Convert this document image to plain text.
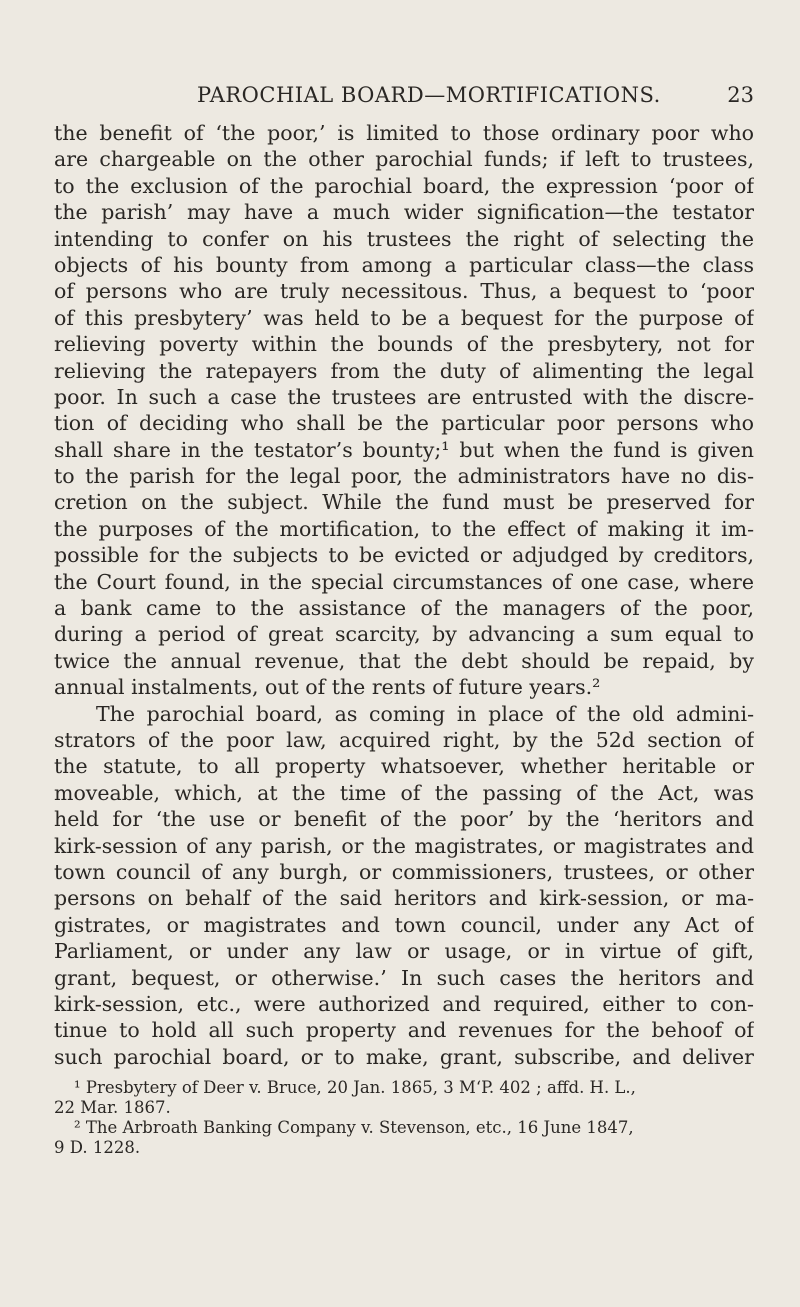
PAROCHIAL BOARD—MORTIFICATIONS.	23
the benefit of ‘the poor,’ is limited to those ordinary poor who
are chargeable on the other parochial funds; if left to trustees,
to the exclusion of the parochial board, the expression ‘poor of
the parish’ may have a much wider signification—the testator
intending to confer on his trustees the right of selecting the
objects of his bounty from among a particular class—the class
of persons who are truly necessitous. Thus, a bequest to ‘poor
of this presbytery’ was held to be a bequest for the purpose of
relieving poverty within the bounds of the presbytery, not for
relieving the ratepayers from the duty of alimenting the legal
poor. In such a case the trustees are entrusted with the discre-
tion of deciding who shall be the particular poor persons who
shall share in the testator’s bounty;¹ but when the fund is given
to the parish for the legal poor, the administrators have no dis-
cretion on the subject. While the fund must be preserved for
the purposes of the mortification, to the effect of making it im-
possible for the subjects to be evicted or adjudged by creditors,
the Court found, in the special circumstances of one case, where
a bank came to the assistance of the managers of the poor,
during a period of great scarcity, by advancing a sum equal to
twice the annual revenue, that the debt should be repaid, by
annual instalments, out of the rents of future years.²
The parochial board, as coming in place of the old admini-
strators of the poor law, acquired right, by the 52d section of
the statute, to all property whatsoever, whether heritable or
moveable, which, at the time of the passing of the Act, was
held for ‘the use or benefit of the poor’ by the ‘heritors and
kirk-session of any parish, or the magistrates, or magistrates and
town council of any burgh, or commissioners, trustees, or other
persons on behalf of the said heritors and kirk-session, or ma-
gistrates, or magistrates and town council, under any Act of
Parliament, or under any law or usage, or in virtue of gift,
grant, bequest, or otherwise.’ In such cases the heritors and
kirk-session, etc., were authorized and required, either to con-
tinue to hold all such property and revenues for the behoof of
such parochial board, or to make, grant, subscribe, and deliver
¹ Presbytery of Deer v. Bruce, 20 Jan. 1865, 3 M‘P. 402 ; affd. H. L.,
22 Mar. 1867.
² The Arbroath Banking Company v. Stevenson, etc., 16 June 1847,
9 D. 1228.
